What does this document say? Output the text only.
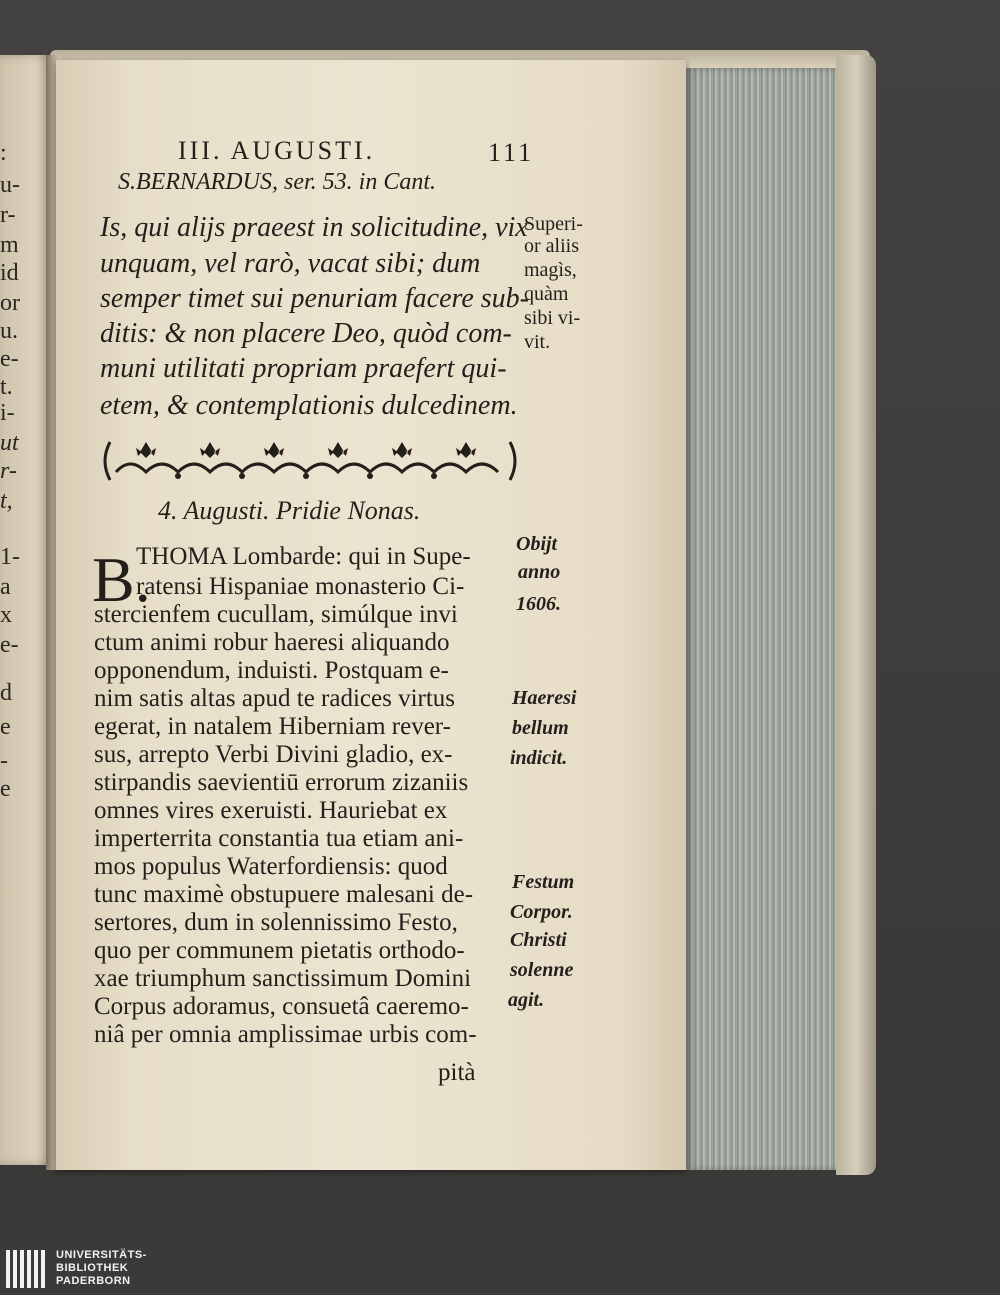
:
u-
r-
m
id
or
u.
e-
t.
i-
ut
r-
t,
1-
a
x
e-
d
e
-
e
III. AUGUSTI.	111
S.BERNARDUS, ser. 53. in Cant.
Is, qui alijs praeest in solicitudine, vix
unquam, vel rarò, vacat sibi; dum
semper timet sui penuriam facere sub-
ditis: & non placere Deo, quòd com-
muni utilitati propriam praefert qui-
etem, & contemplationis dulcedinem.
Superi-
or aliis
magìs,
quàm
sibi vi-
vit.
4. Augusti. Pridie Nonas.
B.
THOMA Lombarde: qui in Supe-
ratensi Hispaniae monasterio Ci-
stercienfem cucullam, simúlque invi
ctum animi robur haeresi aliquando
opponendum, induisti. Postquam e-
nim satis altas apud te radices virtus
egerat, in natalem Hiberniam rever-
sus, arrepto Verbi Divini gladio, ex-
stirpandis saevientiū errorum zizaniis
omnes vires exeruisti. Hauriebat ex
imperterrita constantia tua etiam ani-
mos populus Waterfordiensis: quod
tunc maximè obstupuere malesani de-
sertores, dum in solennissimo Festo,
quo per communem pietatis orthodo-
xae triumphum sanctissimum Domini
Corpus adoramus, consuetâ caeremo-
niâ per omnia amplissimae urbis com-
pità
Obijt
anno
1606.
Haeresi
bellum
indicit.
Festum
Corpor.
Christi
solenne
agit.
UNIVERSITÄTS-
BIBLIOTHEK
PADERBORN
